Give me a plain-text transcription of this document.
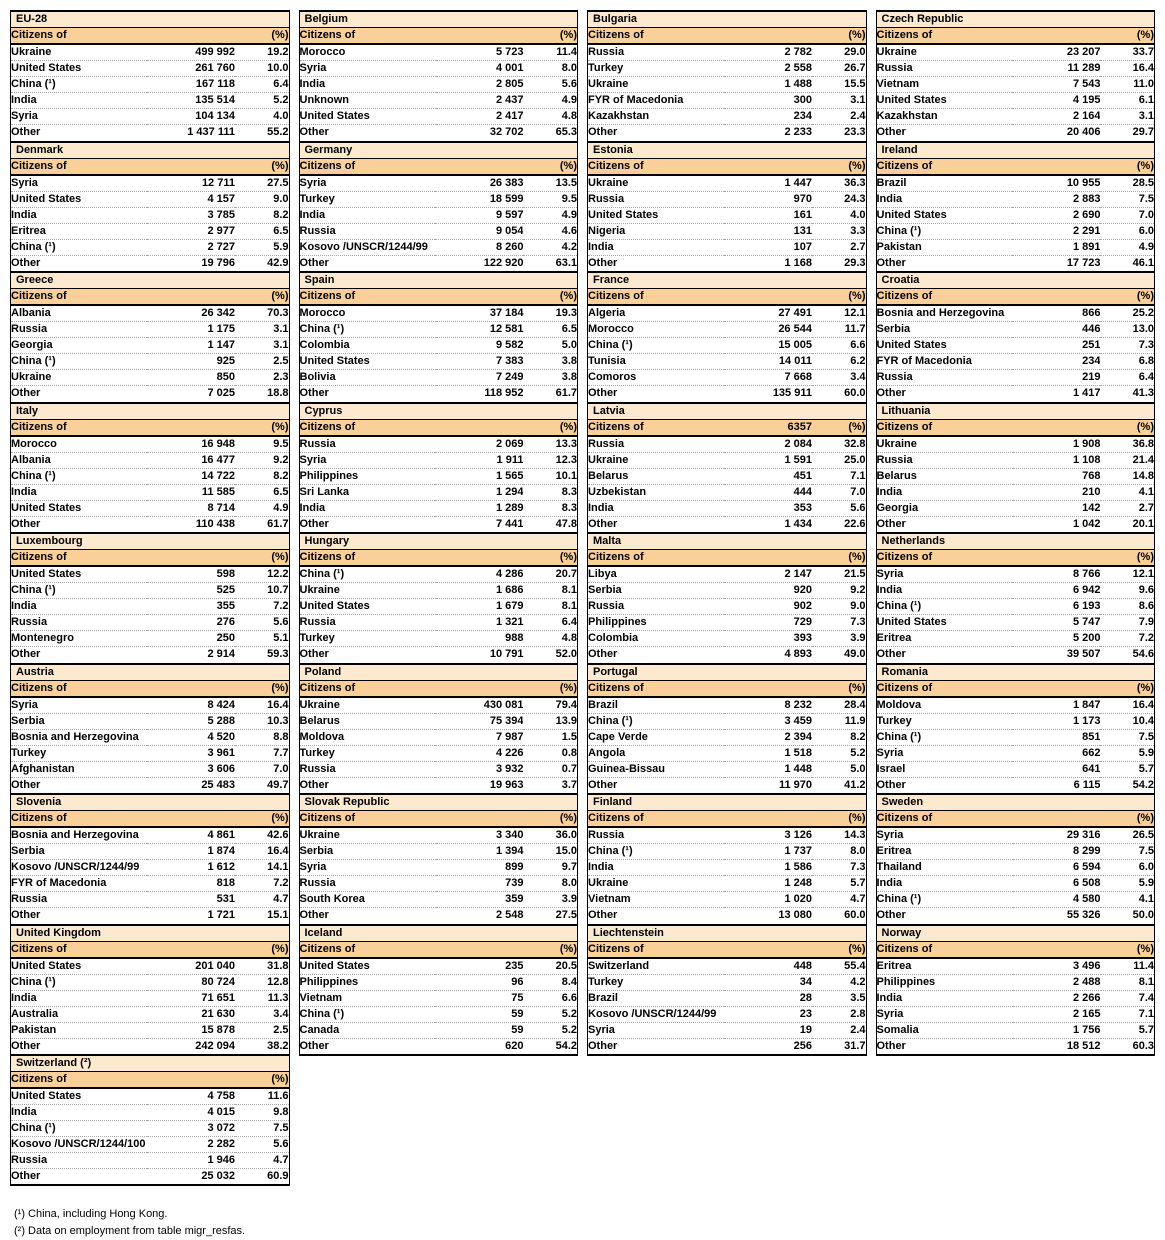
EU-28		
Citizens of		(%)
Ukraine	499 992	19.2
United States	261 760	10.0
China (¹)	167 118	6.4
India	135 514	5.2
Syria	104 134	4.0
Other	1 437 111	55.2
Denmark		
Citizens of		(%)
Syria	12 711	27.5
United States	4 157	9.0
India	3 785	8.2
Eritrea	2 977	6.5
China (¹)	2 727	5.9
Other	19 796	42.9
Greece		
Citizens of		(%)
Albania	26 342	70.3
Russia	1 175	3.1
Georgia	1 147	3.1
China (¹)	925	2.5
Ukraine	850	2.3
Other	7 025	18.8
Italy		
Citizens of		(%)
Morocco	16 948	9.5
Albania	16 477	9.2
China (¹)	14 722	8.2
India	11 585	6.5
United States	8 714	4.9
Other	110 438	61.7
Luxembourg		
Citizens of		(%)
United States	598	12.2
China (¹)	525	10.7
India	355	7.2
Russia	276	5.6
Montenegro	250	5.1
Other	2 914	59.3
Austria		
Citizens of		(%)
Syria	8 424	16.4
Serbia	5 288	10.3
Bosnia and Herzegovina	4 520	8.8
Turkey	3 961	7.7
Afghanistan	3 606	7.0
Other	25 483	49.7
Slovenia		
Citizens of		(%)
Bosnia and Herzegovina	4 861	42.6
Serbia	1 874	16.4
Kosovo /UNSCR/1244/99	1 612	14.1
FYR of Macedonia	818	7.2
Russia	531	4.7
Other	1 721	15.1
United Kingdom		
Citizens of		(%)
United States	201 040	31.8
China (¹)	80 724	12.8
India	71 651	11.3
Australia	21 630	3.4
Pakistan	15 878	2.5
Other	242 094	38.2
Switzerland (²)		
Citizens of		(%)
United States	4 758	11.6
India	4 015	9.8
China (¹)	3 072	7.5
Kosovo /UNSCR/1244/100	2 282	5.6
Russia	1 946	4.7
Other	25 032	60.9
Belgium		
Citizens of		(%)
Morocco	5 723	11.4
Syria	4 001	8.0
India	2 805	5.6
Unknown	2 437	4.9
United States	2 417	4.8
Other	32 702	65.3
Germany		
Citizens of		(%)
Syria	26 383	13.5
Turkey	18 599	9.5
India	9 597	4.9
Russia	9 054	4.6
Kosovo /UNSCR/1244/99	8 260	4.2
Other	122 920	63.1
Spain		
Citizens of		(%)
Morocco	37 184	19.3
China (¹)	12 581	6.5
Colombia	9 582	5.0
United States	7 383	3.8
Bolivia	7 249	3.8
Other	118 952	61.7
Cyprus		
Citizens of		(%)
Russia	2 069	13.3
Syria	1 911	12.3
Philippines	1 565	10.1
Sri Lanka	1 294	8.3
India	1 289	8.3
Other	7 441	47.8
Hungary		
Citizens of		(%)
China (¹)	4 286	20.7
Ukraine	1 686	8.1
United States	1 679	8.1
Russia	1 321	6.4
Turkey	988	4.8
Other	10 791	52.0
Poland		
Citizens of		(%)
Ukraine	430 081	79.4
Belarus	75 394	13.9
Moldova	7 987	1.5
Turkey	4 226	0.8
Russia	3 932	0.7
Other	19 963	3.7
Slovak Republic		
Citizens of		(%)
Ukraine	3 340	36.0
Serbia	1 394	15.0
Syria	899	9.7
Russia	739	8.0
South Korea	359	3.9
Other	2 548	27.5
Iceland		
Citizens of		(%)
United States	235	20.5
Philippines	96	8.4
Vietnam	75	6.6
China (¹)	59	5.2
Canada	59	5.2
Other	620	54.2
Bulgaria		
Citizens of		(%)
Russia	2 782	29.0
Turkey	2 558	26.7
Ukraine	1 488	15.5
FYR of Macedonia	300	3.1
Kazakhstan	234	2.4
Other	2 233	23.3
Estonia		
Citizens of		(%)
Ukraine	1 447	36.3
Russia	970	24.3
United States	161	4.0
Nigeria	131	3.3
India	107	2.7
Other	1 168	29.3
France		
Citizens of		(%)
Algeria	27 491	12.1
Morocco	26 544	11.7
China (¹)	15 005	6.6
Tunisia	14 011	6.2
Comoros	7 668	3.4
Other	135 911	60.0
Latvia		
Citizens of	6357	(%)
Russia	2 084	32.8
Ukraine	1 591	25.0
Belarus	451	7.1
Uzbekistan	444	7.0
India	353	5.6
Other	1 434	22.6
Malta		
Citizens of		(%)
Libya	2 147	21.5
Serbia	920	9.2
Russia	902	9.0
Philippines	729	7.3
Colombia	393	3.9
Other	4 893	49.0
Portugal		
Citizens of		(%)
Brazil	8 232	28.4
China (¹)	3 459	11.9
Cape Verde	2 394	8.2
Angola	1 518	5.2
Guinea-Bissau	1 448	5.0
Other	11 970	41.2
Finland		
Citizens of		(%)
Russia	3 126	14.3
China (¹)	1 737	8.0
India	1 586	7.3
Ukraine	1 248	5.7
Vietnam	1 020	4.7
Other	13 080	60.0
Liechtenstein		
Citizens of		(%)
Switzerland	448	55.4
Turkey	34	4.2
Brazil	28	3.5
Kosovo /UNSCR/1244/99	23	2.8
Syria	19	2.4
Other	256	31.7
Czech Republic		
Citizens of		(%)
Ukraine	23 207	33.7
Russia	11 289	16.4
Vietnam	7 543	11.0
United States	4 195	6.1
Kazakhstan	2 164	3.1
Other	20 406	29.7
Ireland		
Citizens of		(%)
Brazil	10 955	28.5
India	2 883	7.5
United States	2 690	7.0
China (¹)	2 291	6.0
Pakistan	1 891	4.9
Other	17 723	46.1
Croatia		
Citizens of		(%)
Bosnia and Herzegovina	866	25.2
Serbia	446	13.0
United States	251	7.3
FYR of Macedonia	234	6.8
Russia	219	6.4
Other	1 417	41.3
Lithuania		
Citizens of		(%)
Ukraine	1 908	36.8
Russia	1 108	21.4
Belarus	768	14.8
India	210	4.1
Georgia	142	2.7
Other	1 042	20.1
Netherlands		
Citizens of		(%)
Syria	8 766	12.1
India	6 942	9.6
China (¹)	6 193	8.6
United States	5 747	7.9
Eritrea	5 200	7.2
Other	39 507	54.6
Romania		
Citizens of		(%)
Moldova	1 847	16.4
Turkey	1 173	10.4
China (¹)	851	7.5
Syria	662	5.9
Israel	641	5.7
Other	6 115	54.2
Sweden		
Citizens of		(%)
Syria	29 316	26.5
Eritrea	8 299	7.5
Thailand	6 594	6.0
India	6 508	5.9
China (¹)	4 580	4.1
Other	55 326	50.0
Norway		
Citizens of		(%)
Eritrea	3 496	11.4
Philippines	2 488	8.1
India	2 266	7.4
Syria	2 165	7.1
Somalia	1 756	5.7
Other	18 512	60.3
(¹) China, including Hong Kong.
(²) Data on employment from table migr_resfas.
